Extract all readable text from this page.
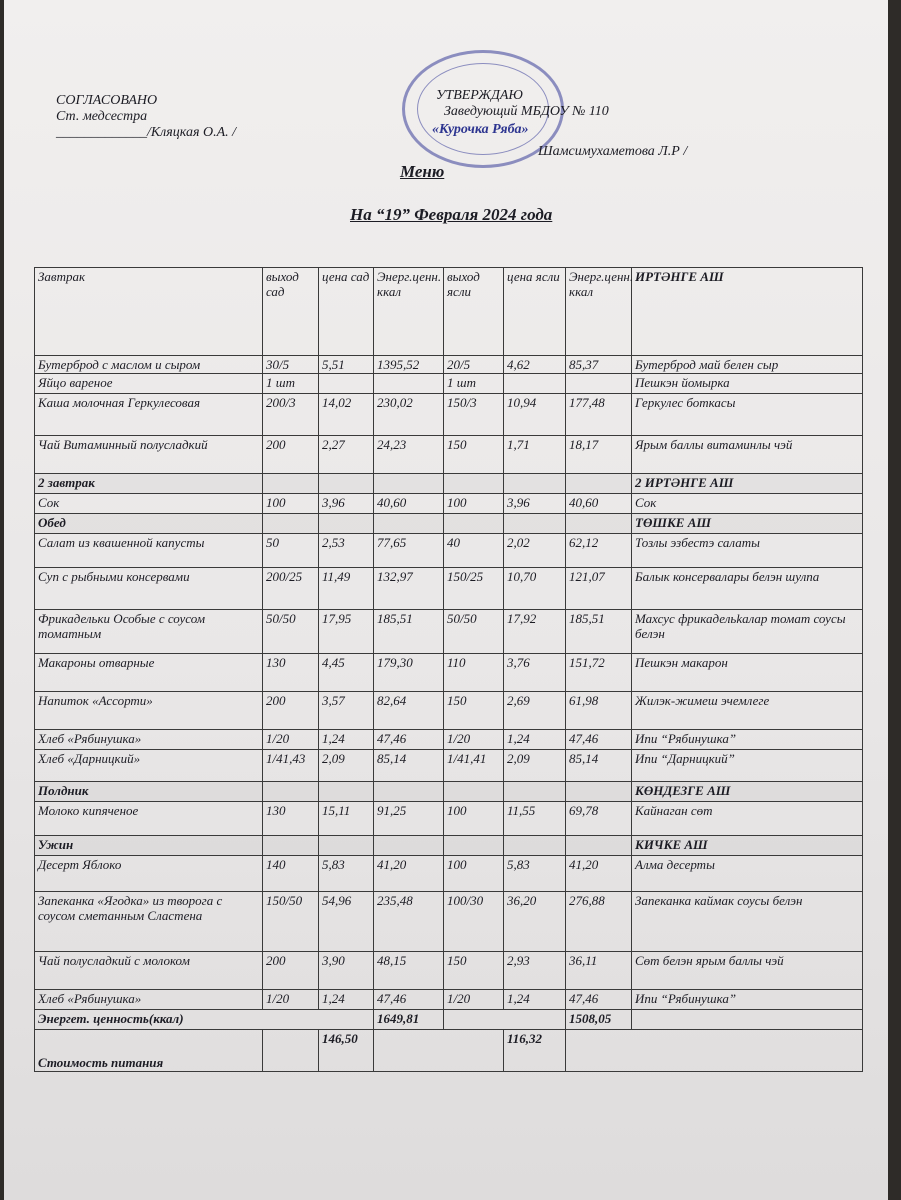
СОГЛАСОВАНО
Ст. медсестра
_____________/Кляцкая О.А. /
УТВЕРЖДАЮ
Заведующий МБДОУ № 110
«Курочка Ряба»
Шамсимухаметова Л.Р /
Меню
На “19” Февраля 2024 года
Завтрак	выход сад	цена сад	Энерг.ценн. ккал	выход ясли	цена ясли	Энерг.ценн. ккал	ИРТӘНГЕ АШ
Бутерброд с маслом и сыром	30/5	5,51	1395,52	20/5	4,62	85,37	Бутерброд май белен сыр
Яйцо вареное	1 шт			1 шт			Пешкэн йомырка
Каша молочная Геркулесовая	200/3	14,02	230,02	150/3	10,94	177,48	Геркулес боткасы
Чай Витаминный полусладкий	200	2,27	24,23	150	1,71	18,17	Ярым баллы витаминлы чэй
2 завтрак							2 ИРТӘНГЕ АШ
Сок	100	3,96	40,60	100	3,96	40,60	Сок
Обед							ТӨШКЕ АШ
Салат из квашенной капусты	50	2,53	77,65	40	2,02	62,12	Тозлы эзбестэ салаты
Суп с рыбными консервами	200/25	11,49	132,97	150/25	10,70	121,07	Балык консервалары белэн шулпа
Фрикадельки Особые с соусом томатным	50/50	17,95	185,51	50/50	17,92	185,51	Махсус фрикадельkалар томат соусы белэн
Макароны отварные	130	4,45	179,30	110	3,76	151,72	Пешкэн макарон
Напиток «Ассорти»	200	3,57	82,64	150	2,69	61,98	Жилэк-жимеш эчемлеге
Хлеб «Рябинушка»	1/20	1,24	47,46	1/20	1,24	47,46	Ипи “Рябинушка”
Хлеб «Дарницкий»	1/41,43	2,09	85,14	1/41,41	2,09	85,14	Ипи “Дарницкий”
Полдник							КӨНДЕЗГЕ АШ
Молоко кипяченое	130	15,11	91,25	100	11,55	69,78	Кайнаган сөт
Ужин							КИЧКЕ АШ
Десерт Яблоко	140	5,83	41,20	100	5,83	41,20	Алма десерты
Запеканка «Ягодка» из творога с соусом сметанным Сластена	150/50	54,96	235,48	100/30	36,20	276,88	Запеканка каймак соусы белэн
Чай полусладкий с молоком	200	3,90	48,15	150	2,93	36,11	Сөт белэн ярым баллы чэй
Хлеб «Рябинушка»	1/20	1,24	47,46	1/20	1,24	47,46	Ипи “Рябинушка”
Энергет. ценность(ккал)			1649,81			1508,05	
Стоимость питания		146,50			116,32		
